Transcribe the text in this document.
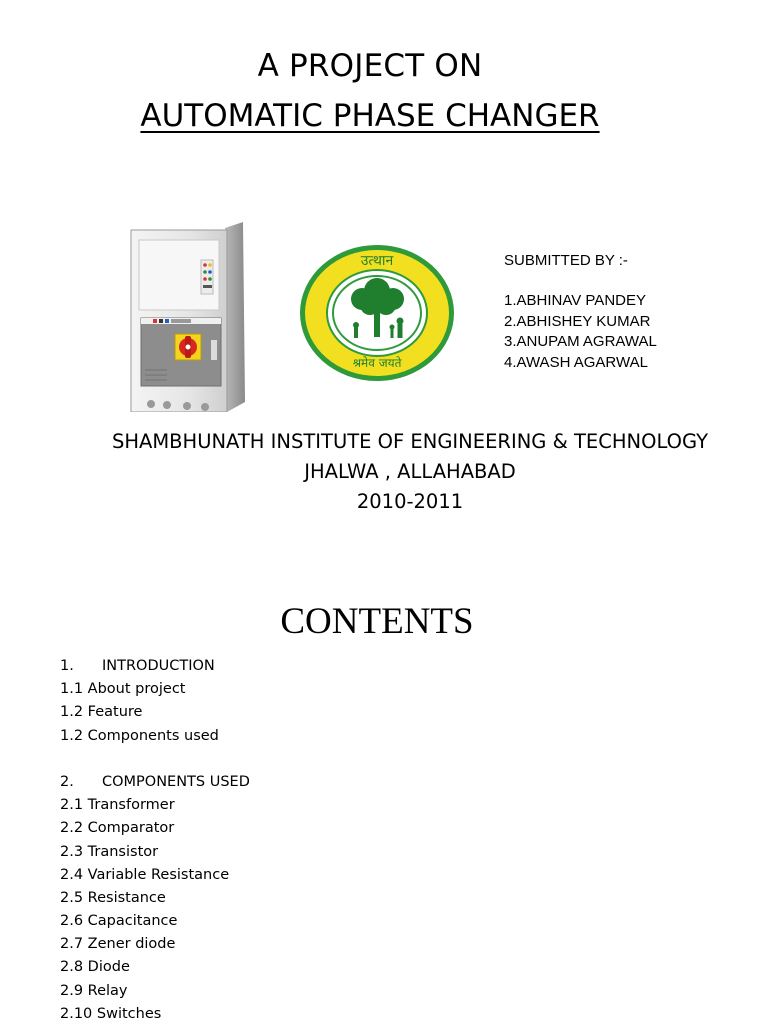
A PROJECT ON
AUTOMATIC PHASE CHANGER
उत्थान
श्रमेव जयते
SUBMITTED BY :-
1.ABHINAV PANDEY
2.ABHISHEY KUMAR
3.ANUPAM AGRAWAL
4.AWASH AGARWAL
SHAMBHUNATH INSTITUTE OF ENGINEERING & TECHNOLOGY
JHALWA , ALLAHABAD
2010-2011
CONTENTS
1. INTRODUCTION
1.1 About project
1.2 Feature
1.2 Components used
2. COMPONENTS USED
2.1 Transformer
2.2 Comparator
2.3 Transistor
2.4 Variable Resistance
2.5 Resistance
2.6 Capacitance
2.7 Zener diode
2.8 Diode
2.9 Relay
2.10 Switches
